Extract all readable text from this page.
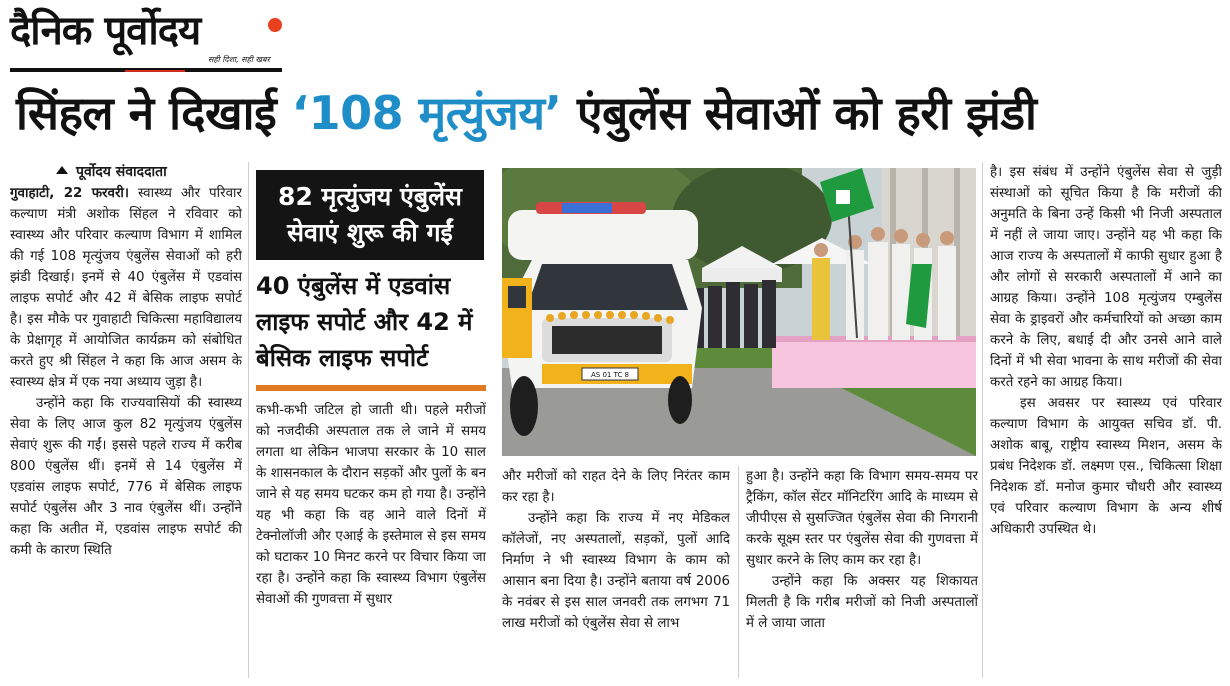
दैनिक पूर्वोदय
सही दिशा, सही खबर
सिंहल ने दिखाई ‘108 मृत्युंजय’ एंबुलेंस सेवाओं को हरी झंडी
पूर्वोदय संवाददाता

गुवाहाटी, 22 फरवरी। स्वास्थ्य और परिवार कल्याण मंत्री अशोक सिंहल ने रविवार को स्वास्थ्य और परिवार कल्याण विभाग में शामिल की गई 108 मृत्युंजय एंबुलेंस सेवाओं को हरी झंडी दिखाई। इनमें से 40 एंबुलेंस में एडवांस लाइफ सपोर्ट और 42 में बेसिक लाइफ सपोर्ट है। इस मौके पर गुवाहाटी चिकित्सा महाविद्यालय के प्रेक्षागृह में आयोजित कार्यक्रम को संबोधित करते हुए श्री सिंहल ने कहा कि आज असम के स्वास्थ्य क्षेत्र में एक नया अध्याय जुड़ा है।

उन्होंने कहा कि राज्यवासियों की स्वास्थ्य सेवा के लिए आज कुल 82 मृत्युंजय एंबुलेंस सेवाएं शुरू की गईं। इससे पहले राज्य में करीब 800 एंबुलेंस थीं। इनमें से 14 एंबुलेंस में एडवांस लाइफ सपोर्ट, 776 में बेसिक लाइफ सपोर्ट एंबुलेंस और 3 नाव एंबुलेंस थीं। उन्होंने कहा कि अतीत में, एडवांस लाइफ सपोर्ट की कमी के कारण स्थिति

82 मृत्युंजय एंबुलेंस
सेवाएं शुरू की गईं
40 एंबुलेंस में एडवांस लाइफ सपोर्ट और 42 में बेसिक लाइफ सपोर्ट

कभी-कभी जटिल हो जाती थी। पहले मरीजों को नजदीकी अस्पताल तक ले जाने में समय लगता था लेकिन भाजपा सरकार के 10 साल के शासनकाल के दौरान सड़कों और पुलों के बन जाने से यह समय घटकर कम हो गया है। उन्होंने यह भी कहा कि वह आने वाले दिनों में टेक्नोलॉजी और एआई के इस्तेमाल से इस समय को घटाकर 10 मिनट करने पर विचार किया जा रहा है। उन्होंने कहा कि स्वास्थ्य विभाग एंबुलेंस सेवाओं की गुणवत्ता में सुधार

AS 01 TC 8

और मरीजों को राहत देने के लिए निरंतर काम कर रहा है।

उन्होंने कहा कि राज्य में नए मेडिकल कॉलेजों, नए अस्पतालों, सड़कों, पुलों आदि निर्माण ने भी स्वास्थ्य विभाग के काम को आसान बना दिया है। उन्होंने बताया वर्ष 2006 के नवंबर से इस साल जनवरी तक लगभग 71 लाख मरीजों को एंबुलेंस सेवा से लाभ

हुआ है। उन्होंने कहा कि विभाग समय-समय पर ट्रैकिंग, कॉल सेंटर मॉनिटरिंग आदि के माध्यम से जीपीएस से सुसज्जित एंबुलेंस सेवा की निगरानी करके सूक्ष्म स्तर पर एंबुलेंस सेवा की गुणवत्ता में सुधार करने के लिए काम कर रहा है।

उन्होंने कहा कि अक्सर यह शिकायत मिलती है कि गरीब मरीजों को निजी अस्पतालों में ले जाया जाता

है। इस संबंध में उन्होंने एंबुलेंस सेवा से जुड़ी संस्थाओं को सूचित किया है कि मरीजों की अनुमति के बिना उन्हें किसी भी निजी अस्पताल में नहीं ले जाया जाए। उन्होंने यह भी कहा कि आज राज्य के अस्पतालों में काफी सुधार हुआ है और लोगों से सरकारी अस्पतालों में आने का आग्रह किया। उन्होंने 108 मृत्युंजय एम्बुलेंस सेवा के ड्राइवरों और कर्मचारियों को अच्छा काम करने के लिए, बधाई दी और उनसे आने वाले दिनों में भी सेवा भावना के साथ मरीजों की सेवा करते रहने का आग्रह किया।

इस अवसर पर स्वास्थ्य एवं परिवार कल्याण विभाग के आयुक्त सचिव डॉ. पी. अशोक बाबू, राष्ट्रीय स्वास्थ्य मिशन, असम के प्रबंध निदेशक डॉ. लक्ष्मण एस., चिकित्सा शिक्षा निदेशक डॉ. मनोज कुमार चौधरी और स्वास्थ्य एवं परिवार कल्याण विभाग के अन्य शीर्ष अधिकारी उपस्थित थे।
